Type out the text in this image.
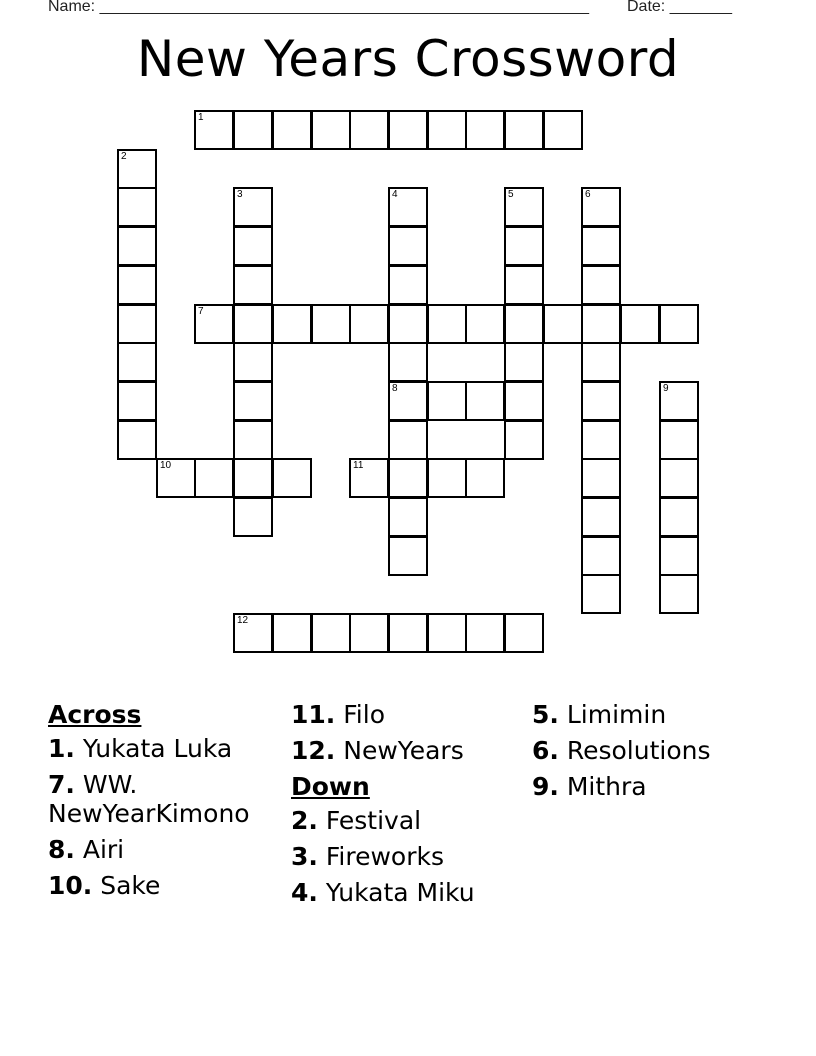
Name: _______________________________________________________ Date: _______
New Years Crossword
1
2
3	4
8
5	6
7
9
10	11
12
Across
1. Yukata Luka
7. WW. NewYearKimono
8. Airi
10. Sake
11. Filo
12. NewYears
Down
2. Festival
3. Fireworks
4. Yukata Miku
5. Limimin
6. Resolutions
9. Mithra
